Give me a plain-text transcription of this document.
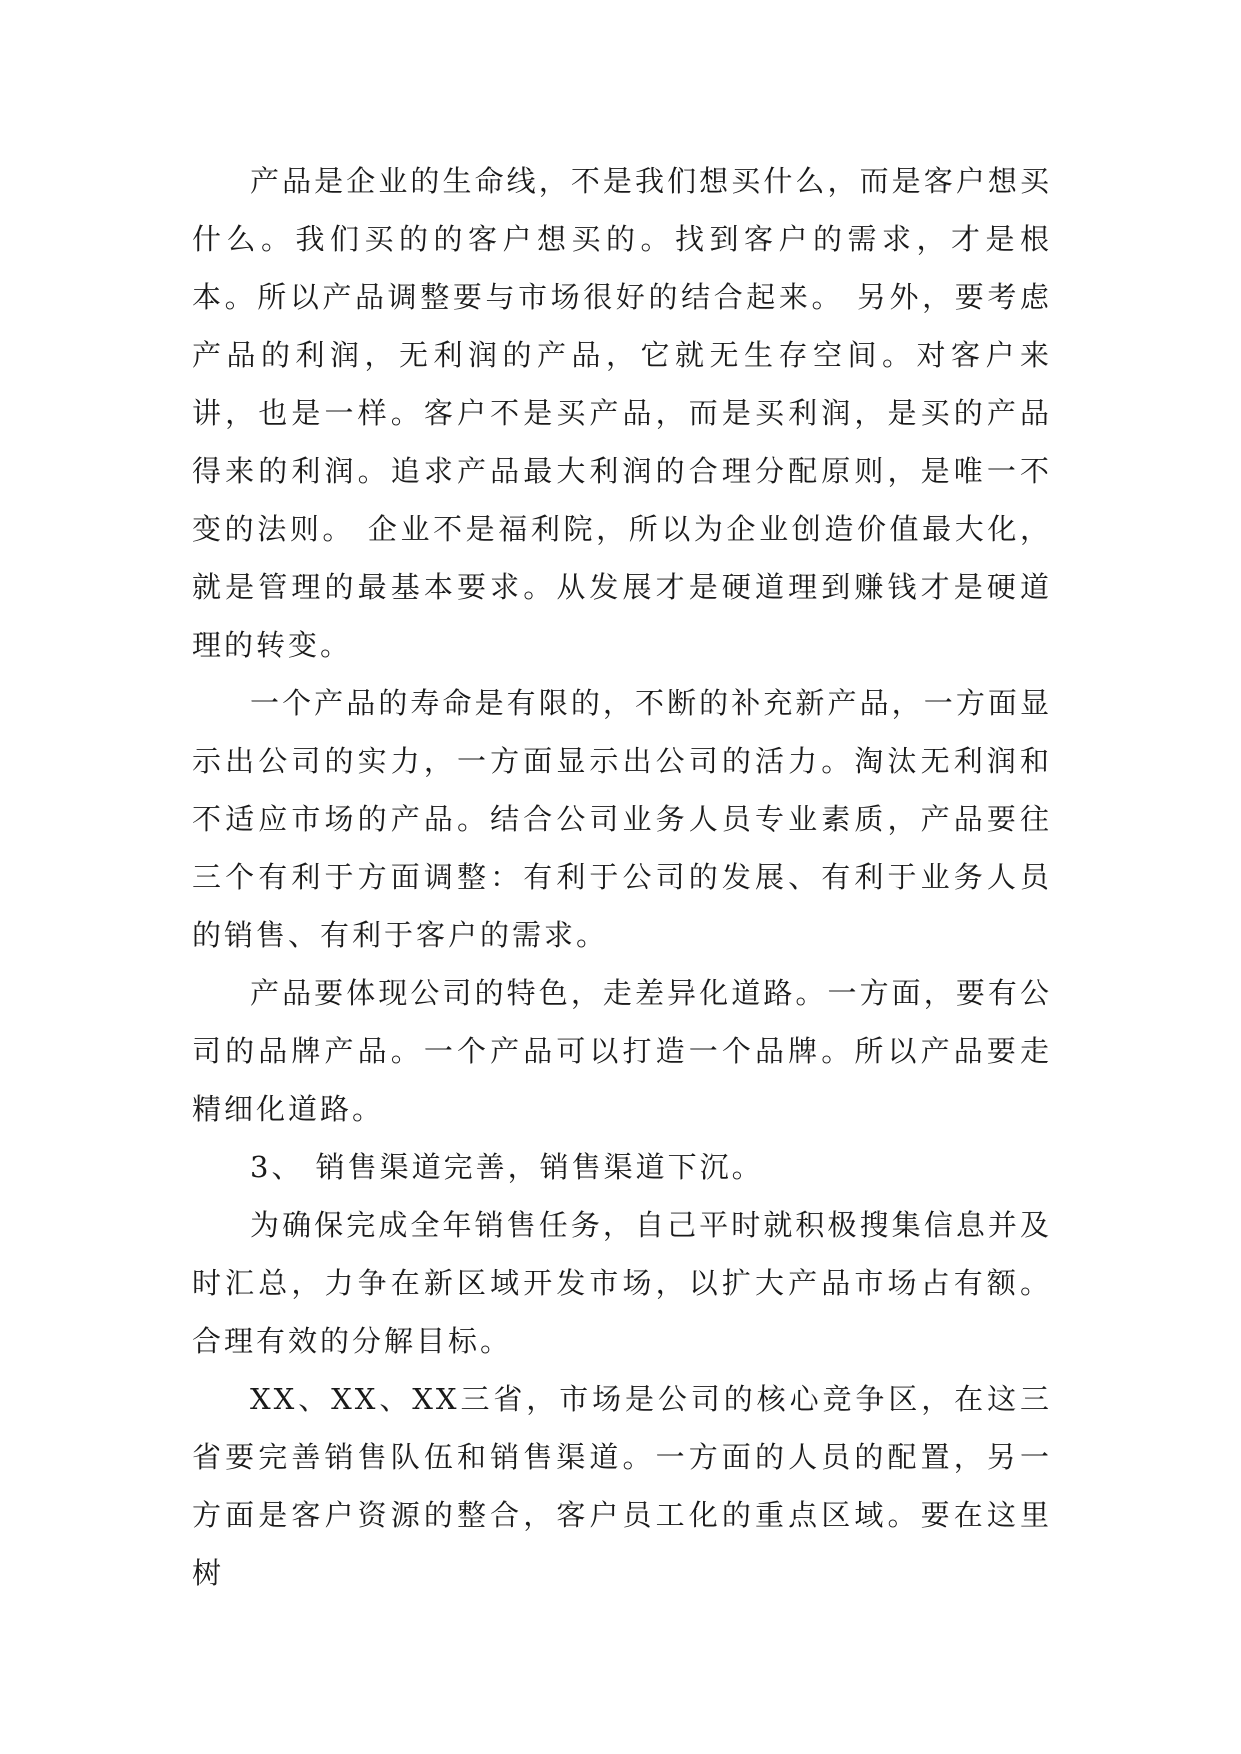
产品是企业的生命线，不是我们想买什么，而是客户想买什么。我们买的的客户想买的。找到客户的需求，才是根本。所以产品调整要与市场很好的结合起来。 另外，要考虑产品的利润，无利润的产品，它就无生存空间。对客户来讲，也是一样。客户不是买产品，而是买利润，是买的产品得来的利润。追求产品最大利润的合理分配原则，是唯一不变的法则。 企业不是福利院，所以为企业创造价值最大化，就是管理的最基本要求。从发展才是硬道理到赚钱才是硬道理的转变。

一个产品的寿命是有限的，不断的补充新产品，一方面显示出公司的实力，一方面显示出公司的活力。淘汰无利润和不适应市场的产品。结合公司业务人员专业素质，产品要往三个有利于方面调整：有利于公司的发展、有利于业务人员的销售、有利于客户的需求。

产品要体现公司的特色，走差异化道路。一方面，要有公司的品牌产品。一个产品可以打造一个品牌。所以产品要走精细化道路。

3、 销售渠道完善，销售渠道下沉。

为确保完成全年销售任务，自己平时就积极搜集信息并及时汇总，力争在新区域开发市场，以扩大产品市场占有额。合理有效的分解目标。

XX、XX、XX三省，市场是公司的核心竞争区，在这三省要完善销售队伍和销售渠道。一方面的人员的配置，另一方面是客户资源的整合，客户员工化的重点区域。要在这里树
